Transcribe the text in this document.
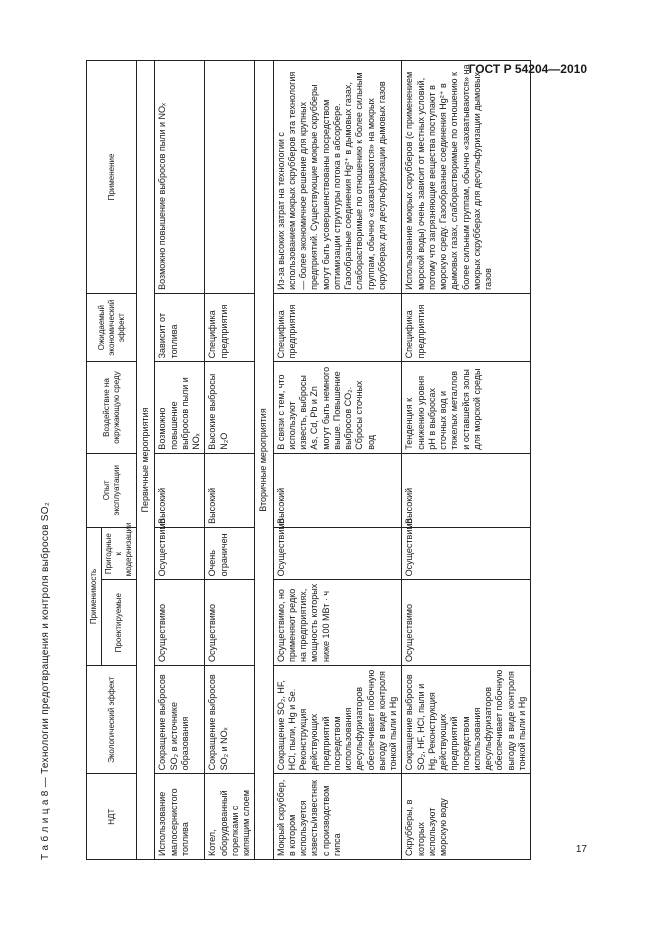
ГОСТ Р 54204—2010
Т а б л и ц а 8 — Технологии предотвращения и контроля выбросов SO₂	НДТ	Экологический эффект	Применимость		Опыт эксплуатации	Воздействие на окружающую среду	Ожидаемый экономический эффект	Применение
		Проектируемые	Пригодные к модернизации				
Первичные мероприятия							
Использование малосернистого топлива	Сокращение выбросов SO₂ в источнике образования	Осуществимо	Осуществимо	Высокий	Возможно повышение выбросов пыли и NOₓ	Зависит от топлива	Возможно повышение выбросов пыли и NOₓ
Котел, оборудованный горелками с кипящим слоем	Сокращение выбросов SO₂ и NOₓ	Осуществимо	Очень ограничен	Высокий	Высокие выбросы N₂O	Специфика предприятия	
Вторичные мероприятия							
Мокрый скруббер, в котором используется известь/известняк с производством гипса	Сокращение SO₂, HF, HCl, пыли, Hg и Se. Реконструкция действующих предприятий посредством использования десульфуризаторов обеспечивает побочную выгоду в виде контроля тонкой пыли и Hg	Осуществимо, но применяют редко на предприятиях, мощность которых ниже 100 МВт · ч	Осуществимо	Высокий	В связи с тем, что используют известь, выбросы As, Cd, Pb и Zn могут быть немного выше. Повышение выбросов CO₂. Сбросы сточных вод	Специфика предприятия	Из-за высоких затрат на технологии с использованием мокрых скрубберов эта технология — более экономичное решение для крупных предприятий. Существующие мокрые скрубберы могут быть усовершенствованы посредством оптимизации структуры потока в абсорбере. Газообразные соединения Hg²⁺ в дымовых газах, слаборастворимые по отношению к более сильным группам, обычно «захватываются» на мокрых скрубберах для десульфуризации дымовых газов
Скрубберы, в которых используют морскую воду	Сокращение выбросов SO₂, HF, HCl, пыли и Hg. Реконструкция действующих предприятий посредством использования десульфуризаторов обеспечивает побочную выгоду в виде контроля тонкой пыли и Hg	Осуществимо	Осуществимо	Высокий	Тенденция к снижению уровня pH в выбросах сточных вод и тяжелых металлов и оставшейся золы для морской среды	Специфика предприятия	Использование мокрых скрубберов (с применением морской воды) очень зависит от местных условий, потому что загрязняющие вещества поступают в морскую среду. Газообразные соединения Hg²⁺ в дымовых газах, слаборастворимые по отношению к более сильным группам, обычно «захватываются» на мокрых скрубберах для десульфуризации дымовых газов
17
